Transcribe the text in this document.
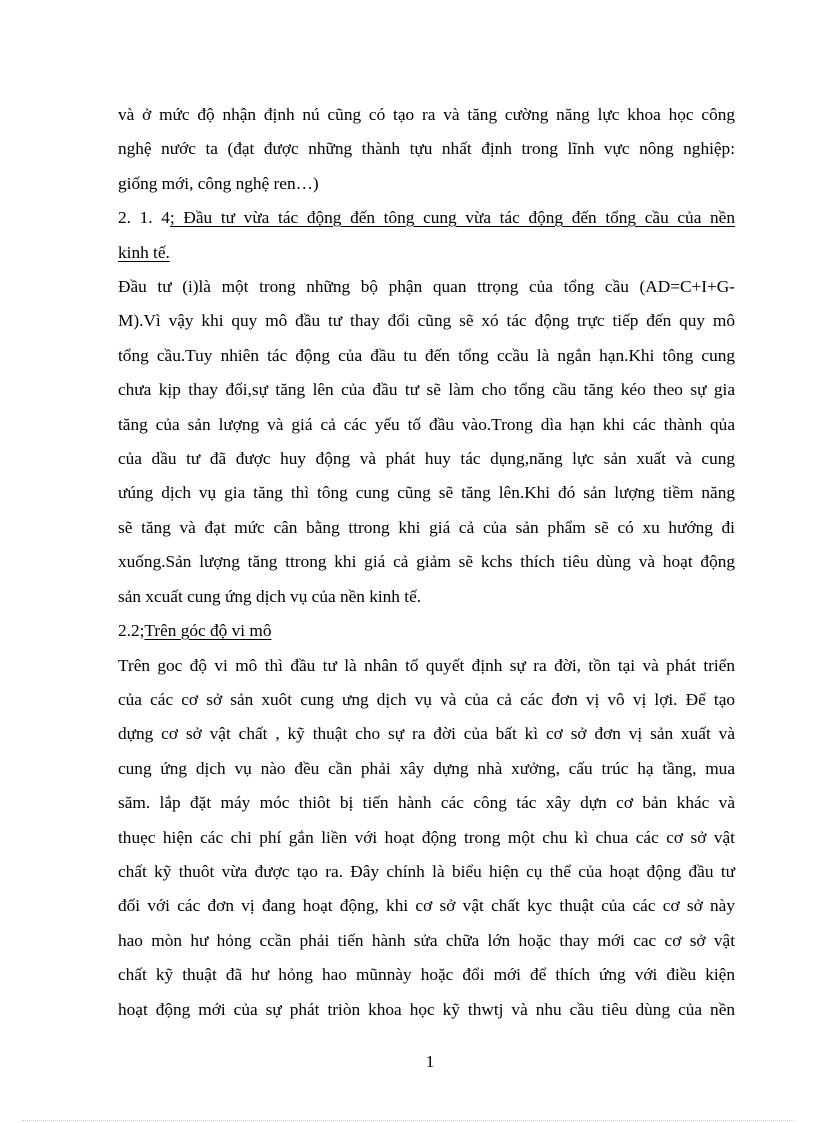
và ở mức độ nhận định nú cũng có tạo ra và tăng cường năng lực khoa học công
nghệ nước ta (đạt được những thành tựu nhất định trong lĩnh vực nông nghiệp:
giống mới, công nghệ ren…)
2. 1. 4; Đầu tư vừa tác động đến tông cung vừa tác động đến tổng cầu của nền
kinh tế.
Đầu tư (i)là một trong những bộ phận quan ttrọng của tổng cầu (AD=C+I+G-
M).Vì vậy khi quy mô đầu tư thay đổi cũng sẽ xó tác động trực tiếp đến quy mô
tổng cầu.Tuy nhiên tác động của đầu tu đến tổng ccầu là ngắn hạn.Khi tông cung
chưa kịp thay đổi,sự tăng lên của đầu tư sẽ làm cho tổng cầu tăng kéo theo sự gia
tăng của sản lượng và giá cả các yếu tố đầu vào.Trong dìa hạn khi các thành qủa
của dầu tư đã được huy động và phát huy tác dụng,năng lực sản xuất và cung
ưúng dịch vụ gia tăng thì tông cung cũng sẽ tăng lên.Khi đó sản lượng tiềm năng
sẽ tăng và đạt mức cân bằng ttrong khi giá cả của sản phẩm sẽ có xu hướng đi
xuống.Sản lượng tăng ttrong khi giá cả giảm sẽ kchs thích tiêu dùng và hoạt động
sản xcuất cung ứng dịch vụ của nền kinh tế.
2.2;Trên góc độ vi mô
Trên goc độ vi mô thì đầu tư là nhân tố quyết định sự ra đời, tồn tại và phát triển
của các cơ sở sản xuôt cung ưng dịch vụ và của cả các đơn vị vô vị lợi. Để tạo
dựng cơ sở vật chất , kỹ thuật cho sự ra đời của bất kì cơ sở đơn vị sản xuất và
cung ứng dịch vụ nào đều cần phải xây dựng nhà xưởng, cấu trúc hạ tầng, mua
săm. lắp đặt máy móc thiôt bị tiến hành các công tác xây dựn cơ bản khác và
thuẹc hiện các chi phí gắn liền với hoạt động trong một chu kì chua các cơ sở vật
chất kỹ thuôt vừa được tạo ra. Đây chính là biểu hiện cụ thể của hoạt động đầu tư
đối với các đơn vị đang hoạt động, khi cơ sở vật chất kyc thuật của các cơ sở này
hao mòn hư hỏng ccần phải tiến hành sửa chữa lớn hoặc thay mới cac cơ sở vật
chất kỹ thuật đã hư hỏng hao mũnnày hoặc đổi mới để thích ứng với điều kiện
hoạt động mới của sự phát triòn khoa học kỹ thwtj và nhu cầu tiêu dùng của nền
1
